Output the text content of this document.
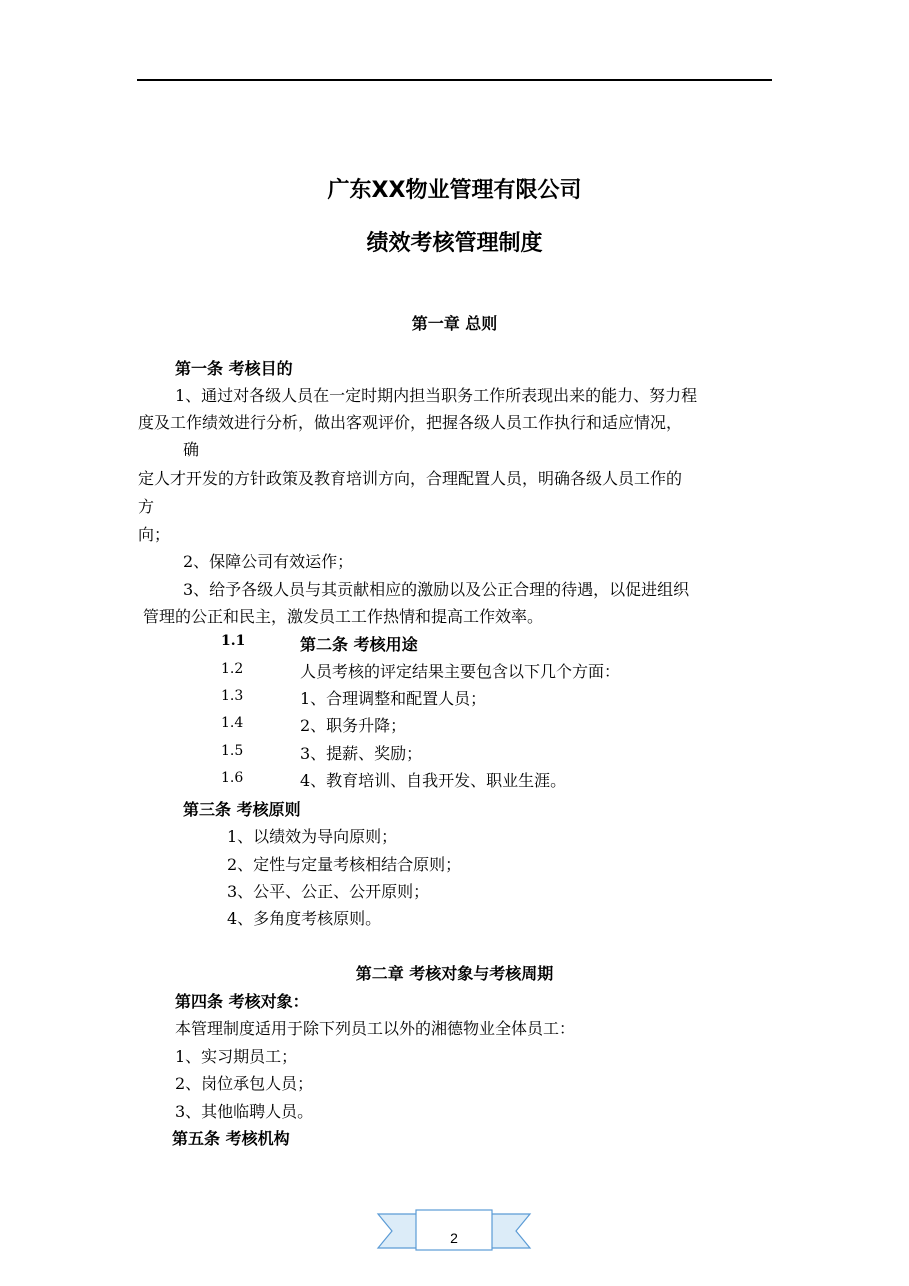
广东XX物业管理有限公司
绩效考核管理制度
第一章 总则
第一条 考核目的
1、通过对各级人员在一定时期内担当职务工作所表现出来的能力、努力程
度及工作绩效进行分析，做出客观评价，把握各级人员工作执行和适应情况，
确
定人才开发的方针政策及教育培训方向，合理配置人员，明确各级人员工作的
方
向；
2、保障公司有效运作；
3、给予各级人员与其贡献相应的激励以及公正合理的待遇，以促进组织
管理的公正和民主，激发员工工作热情和提高工作效率。
1.1	第二条 考核用途
1.2	人员考核的评定结果主要包含以下几个方面：
1.3	1、合理调整和配置人员；
1.4	2、职务升降；
1.5	3、提薪、奖励；
1.6	4、教育培训、自我开发、职业生涯。
第三条 考核原则
1、以绩效为导向原则；
2、定性与定量考核相结合原则；
3、公平、公正、公开原则；
4、多角度考核原则。
第二章 考核对象与考核周期
第四条 考核对象：
本管理制度适用于除下列员工以外的湘德物业全体员工：
1、实习期员工；
2、岗位承包人员；
3、其他临聘人员。
第五条 考核机构
2
